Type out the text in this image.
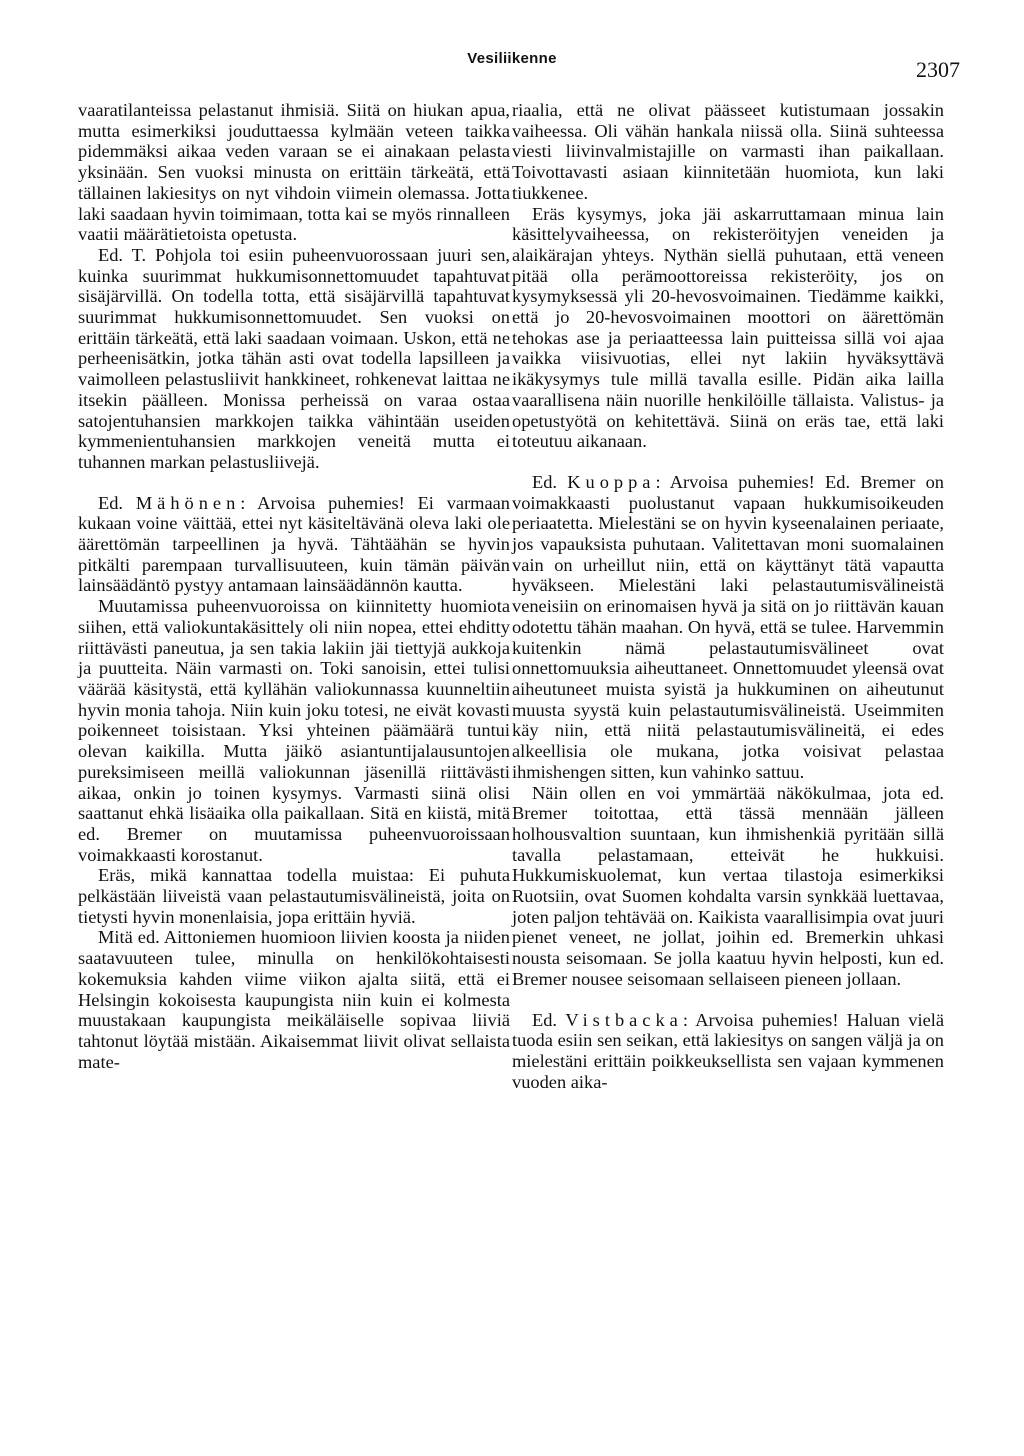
Vesiliikenne	2307

vaaratilanteissa pelastanut ihmisiä. Siitä on hiukan apua, mutta esimerkiksi jouduttaessa kylmään veteen taikka pidemmäksi aikaa veden varaan se ei ainakaan pelasta yksinään. Sen vuoksi minusta on erittäin tärkeätä, että tällainen lakiesitys on nyt vihdoin viimein olemassa. Jotta laki saadaan hyvin toimimaan, totta kai se myös rinnalleen vaatii määrätietoista opetusta.

Ed. T. Pohjola toi esiin puheenvuorossaan juuri sen, kuinka suurimmat hukkumisonnettomuudet tapahtuvat sisäjärvillä. On todella totta, että sisäjärvillä tapahtuvat suurimmat hukkumisonnettomuudet. Sen vuoksi on erittäin tärkeätä, että laki saadaan voimaan. Uskon, että ne perheenisätkin, jotka tähän asti ovat todella lapsilleen ja vaimolleen pelastusliivit hankkineet, rohkenevat laittaa ne itsekin päälleen. Monissa perheissä on varaa ostaa satojentuhansien markkojen taikka vähintään useiden kymmenientuhansien markkojen veneitä mutta ei tuhannen markan pelastusliivejä.

Ed. Mähönen: Arvoisa puhemies! Ei varmaan kukaan voine väittää, ettei nyt käsiteltävänä oleva laki ole äärettömän tarpeellinen ja hyvä. Tähtäähän se hyvin pitkälti parempaan turvallisuuteen, kuin tämän päivän lainsäädäntö pystyy antamaan lainsäädännön kautta.

Muutamissa puheenvuoroissa on kiinnitetty huomiota siihen, että valiokuntakäsittely oli niin nopea, ettei ehditty riittävästi paneutua, ja sen takia lakiin jäi tiettyjä aukkoja ja puutteita. Näin varmasti on. Toki sanoisin, ettei tulisi väärää käsitystä, että kyllähän valiokunnassa kuunneltiin hyvin monia tahoja. Niin kuin joku totesi, ne eivät kovasti poikenneet toisistaan. Yksi yhteinen päämäärä tuntui olevan kaikilla. Mutta jäikö asiantuntijalausuntojen pureksimiseen meillä valiokunnan jäsenillä riittävästi aikaa, onkin jo toinen kysymys. Varmasti siinä olisi saattanut ehkä lisäaika olla paikallaan. Sitä en kiistä, mitä ed. Bremer on muutamissa puheenvuoroissaan voimakkaasti korostanut.

Eräs, mikä kannattaa todella muistaa: Ei puhuta pelkästään liiveistä vaan pelastautumisvälineistä, joita on tietysti hyvin monenlaisia, jopa erittäin hyviä.

Mitä ed. Aittoniemen huomioon liivien koosta ja niiden saatavuuteen tulee, minulla on henkilökohtaisesti kokemuksia kahden viime viikon ajalta siitä, että ei Helsingin kokoisesta kaupungista niin kuin ei kolmesta muustakaan kaupungista meikäläiselle sopivaa liiviä tahtonut löytää mistään. Aikaisemmat liivit olivat sellaista mate-

riaalia, että ne olivat päässeet kutistumaan jossakin vaiheessa. Oli vähän hankala niissä olla. Siinä suhteessa viesti liivinvalmistajille on varmasti ihan paikallaan. Toivottavasti asiaan kiinnitetään huomiota, kun laki tiukkenee.

Eräs kysymys, joka jäi askarruttamaan minua lain käsittelyvaiheessa, on rekisteröityjen veneiden ja alaikärajan yhteys. Nythän siellä puhutaan, että veneen pitää olla perämoottoreissa rekisteröity, jos on kysymyksessä yli 20-hevosvoimainen. Tiedämme kaikki, että jo 20-hevosvoimainen moottori on äärettömän tehokas ase ja periaatteessa lain puitteissa sillä voi ajaa vaikka viisivuotias, ellei nyt lakiin hyväksyttävä ikäkysymys tule millä tavalla esille. Pidän aika lailla vaarallisena näin nuorille henkilöille tällaista. Valistus- ja opetustyötä on kehitettävä. Siinä on eräs tae, että laki toteutuu aikanaan.

Ed. Kuoppa: Arvoisa puhemies! Ed. Bremer on voimakkaasti puolustanut vapaan hukkumisoikeuden periaatetta. Mielestäni se on hyvin kyseenalainen periaate, jos vapauksista puhutaan. Valitettavan moni suomalainen vain on urheillut niin, että on käyttänyt tätä vapautta hyväkseen. Mielestäni laki pelastautumisvälineistä veneisiin on erinomaisen hyvä ja sitä on jo riittävän kauan odotettu tähän maahan. On hyvä, että se tulee. Harvemmin kuitenkin nämä pelastautumisvälineet ovat onnettomuuksia aiheuttaneet. Onnettomuudet yleensä ovat aiheutuneet muista syistä ja hukkuminen on aiheutunut muusta syystä kuin pelastautumisvälineistä. Useimmiten käy niin, että niitä pelastautumisvälineitä, ei edes alkeellisia ole mukana, jotka voisivat pelastaa ihmishengen sitten, kun vahinko sattuu.

Näin ollen en voi ymmärtää näkökulmaa, jota ed. Bremer toitottaa, että tässä mennään jälleen holhousvaltion suuntaan, kun ihmishenkiä pyritään sillä tavalla pelastamaan, etteivät he hukkuisi. Hukkumiskuolemat, kun vertaa tilastoja esimerkiksi Ruotsiin, ovat Suomen kohdalta varsin synkkää luettavaa, joten paljon tehtävää on. Kaikista vaarallisimpia ovat juuri pienet veneet, ne jollat, joihin ed. Bremerkin uhkasi nousta seisomaan. Se jolla kaatuu hyvin helposti, kun ed. Bremer nousee seisomaan sellaiseen pieneen jollaan.

Ed. Vistbacka: Arvoisa puhemies! Haluan vielä tuoda esiin sen seikan, että lakiesitys on sangen väljä ja on mielestäni erittäin poikkeuksellista sen vajaan kymmenen vuoden aika-
